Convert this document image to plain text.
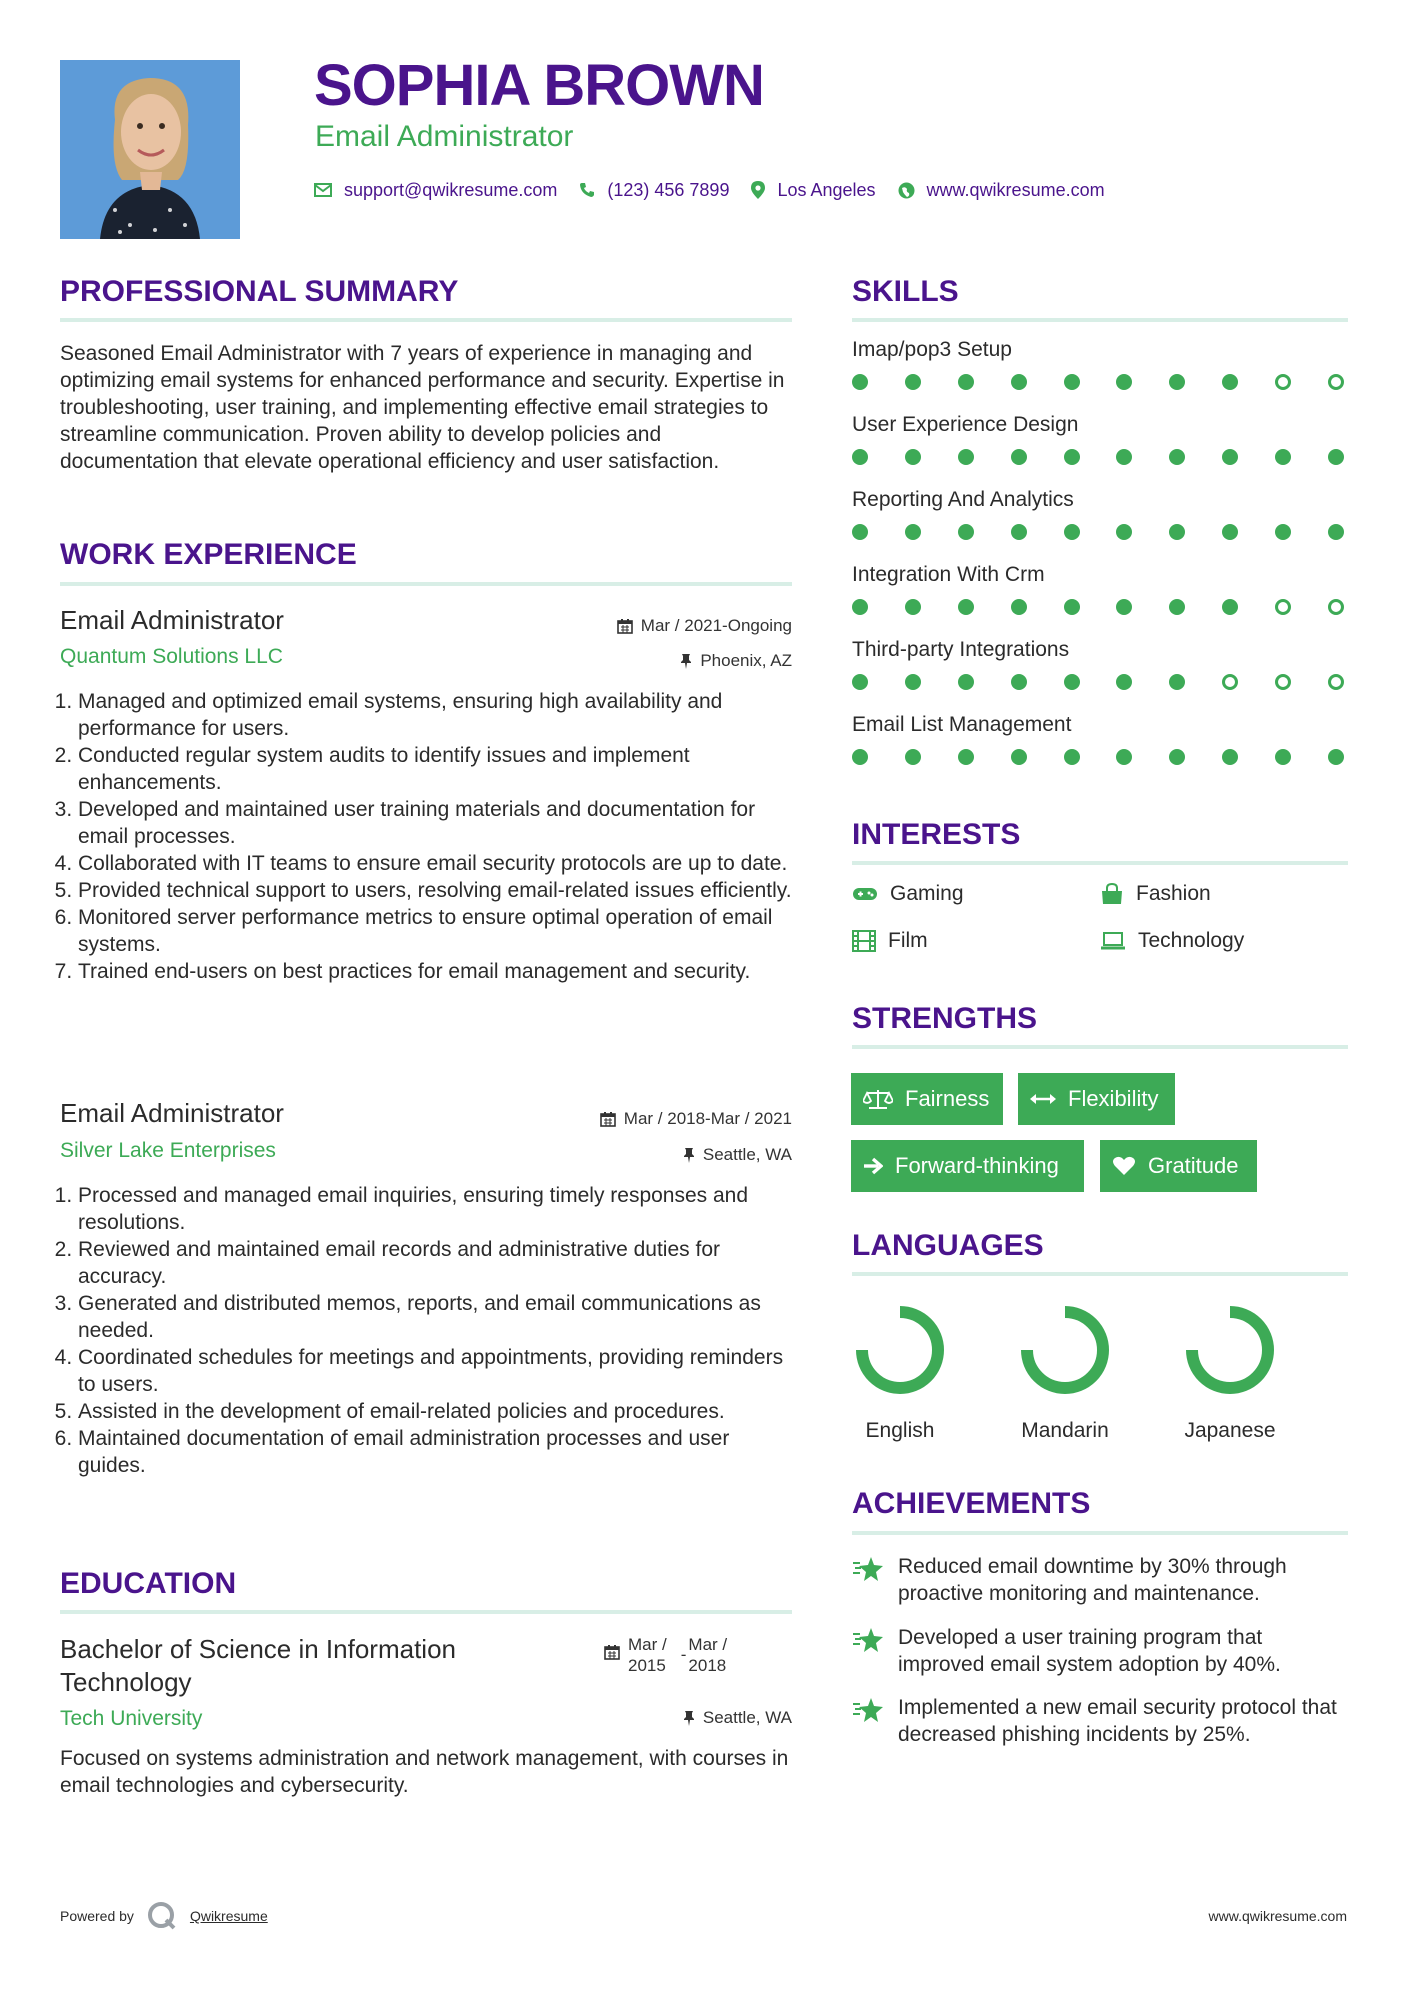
SOPHIA BROWN
Email Administrator
support@qwikresume.com	(123) 456 7899	Los Angeles	www.qwikresume.com
PROFESSIONAL SUMMARY
Seasoned Email Administrator with 7 years of experience in managing and optimizing email systems for enhanced performance and security. Expertise in troubleshooting, user training, and implementing effective email strategies to streamline communication. Proven ability to develop policies and documentation that elevate operational efficiency and user satisfaction.
WORK EXPERIENCE
Email Administrator	Mar / 2021-Ongoing
Quantum Solutions LLC	Phoenix, AZ
1. Managed and optimized email systems, ensuring high availability and performance for users.
2. Conducted regular system audits to identify issues and implement enhancements.
3. Developed and maintained user training materials and documentation for email processes.
4. Collaborated with IT teams to ensure email security protocols are up to date.
5. Provided technical support to users, resolving email-related issues efficiently.
6. Monitored server performance metrics to ensure optimal operation of email systems.
7. Trained end-users on best practices for email management and security.
Email Administrator	Mar / 2018-Mar / 2021
Silver Lake Enterprises	Seattle, WA
1. Processed and managed email inquiries, ensuring timely responses and resolutions.
2. Reviewed and maintained email records and administrative duties for accuracy.
3. Generated and distributed memos, reports, and email communications as needed.
4. Coordinated schedules for meetings and appointments, providing reminders to users.
5. Assisted in the development of email-related policies and procedures.
6. Maintained documentation of email administration processes and user guides.
EDUCATION
Bachelor of Science in Information
Technology
Mar /
2015
-
Mar /
2018
Tech University	Seattle, WA
Focused on systems administration and network management, with courses in email technologies and cybersecurity.
SKILLS
Imap/pop3 Setup
User Experience Design
Reporting And Analytics
Integration With Crm
Third-party Integrations
Email List Management
INTERESTS
Gaming	Fashion
Film	Technology
STRENGTHS
Fairness	Flexibility
Forward-thinking	Gratitude
LANGUAGES
English	Mandarin	Japanese
ACHIEVEMENTS
Reduced email downtime by 30% through proactive monitoring and maintenance.
Developed a user training program that improved email system adoption by 40%.
Implemented a new email security protocol that decreased phishing incidents by 25%.
Powered by	Qwikresume	www.qwikresume.com
